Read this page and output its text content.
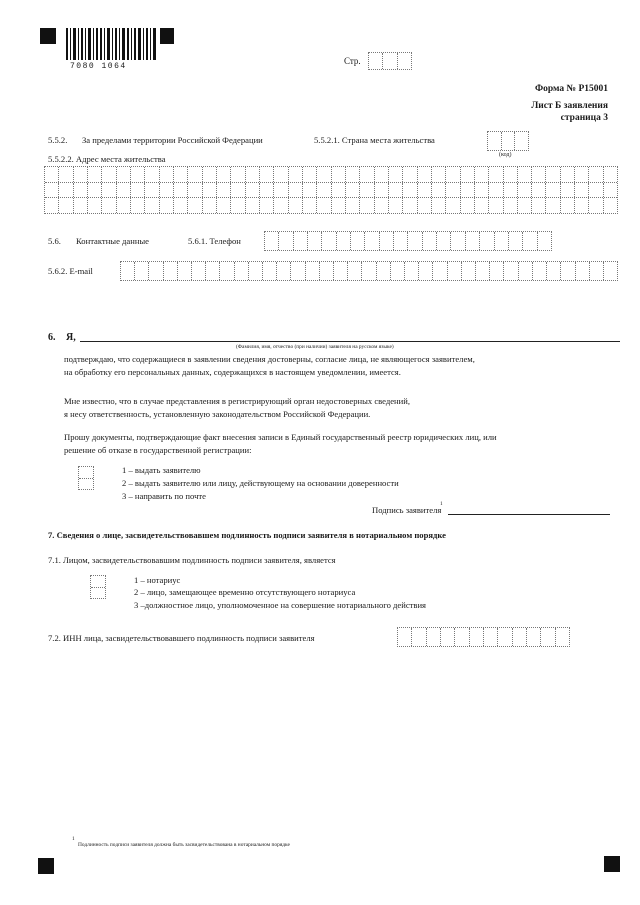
7080 1064
Стр.
Форма № Р15001
Лист Б заявления
страница 3
5.5.2. За пределами территории Российской Федерации	5.5.2.1. Страна места жительства
(код)
5.5.2.2. Адрес места жительства
5.6. Контактные данные	5.6.1. Телефон
5.6.2. E-mail
6. Я,
(Фамилия, имя, отчество (при наличии) заявителя на русском языке)
подтверждаю, что содержащиеся в заявлении сведения достоверны, согласие лица, не являющегося заявителем,
на обработку его персональных данных, содержащихся в настоящем уведомлении, имеется.
Мне известно, что в случае представления в регистрирующий орган недостоверных сведений,
я несу ответственность, установленную законодательством Российской Федерации.
Прошу документы, подтверждающие факт внесения записи в Единый государственный реестр юридических лиц, или
решение об отказе в государственной регистрации:
1 – выдать заявителю
2 – выдать заявителю или лицу, действующему на основании доверенности
3 – направить по почте
Подпись заявителя
1
7. Сведения о лице, засвидетельствовавшем подлинность подписи заявителя в нотариальном порядке
7.1. Лицом, засвидетельствовавшим подлинность подписи заявителя, является
1 – нотариус
2 – лицо, замещающее временно отсутствующего нотариуса
3 –должностное лицо, уполномоченное на совершение нотариального действия
7.2. ИНН лица, засвидетельствовавшего подлинность подписи заявителя
1
Подлинность подписи заявителя должна быть засвидетельствована в нотариальном порядке
